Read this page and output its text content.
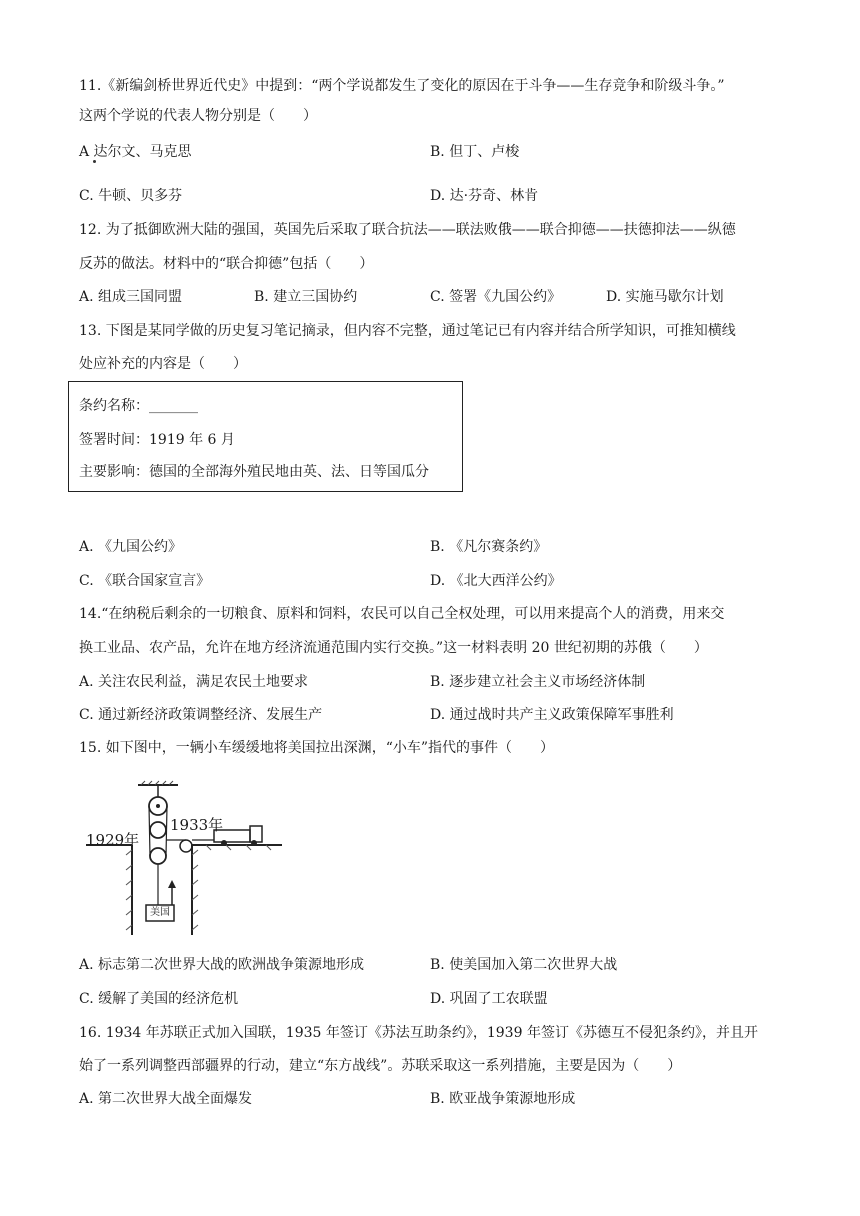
11.《新编剑桥世界近代史》中提到：“两个学说都发生了变化的原因在于斗争——生存竞争和阶级斗争。”
这两个学说的代表人物分别是（　　）
A 达尔文、马克思	B. 但丁、卢梭
C. 牛顿、贝多芬	D. 达·芬奇、林肯
12. 为了抵御欧洲大陆的强国，英国先后采取了联合抗法——联法败俄——联合抑德——扶德抑法——纵德
反苏的做法。材料中的“联合抑德”包括（　　）
A. 组成三国同盟	B. 建立三国协约	C. 签署《九国公约》	D. 实施马歇尔计划
13. 下图是某同学做的历史复习笔记摘录，但内容不完整，通过笔记已有内容并结合所学知识，可推知横线
处应补充的内容是（　　）
条约名称：_______
签署时间：1919 年 6 月
主要影响：德国的全部海外殖民地由英、法、日等国瓜分
A. 《九国公约》	B. 《凡尔赛条约》
C. 《联合国家宣言》	D. 《北大西洋公约》
14.“在纳税后剩余的一切粮食、原料和饲料，农民可以自己全权处理，可以用来提高个人的消费，用来交
换工业品、农产品，允许在地方经济流通范围内实行交换。”这一材料表明 20 世纪初期的苏俄（　　）
A. 关注农民利益，满足农民土地要求	B. 逐步建立社会主义市场经济体制
C. 通过新经济政策调整经济、发展生产	D. 通过战时共产主义政策保障军事胜利
15. 如下图中，一辆小车缓缓地将美国拉出深渊，“小车”指代的事件（　　）
1929年
1933年
美国
A. 标志第二次世界大战的欧洲战争策源地形成	B. 使美国加入第二次世界大战
C. 缓解了美国的经济危机	D. 巩固了工农联盟
16. 1934 年苏联正式加入国联，1935 年签订《苏法互助条约》，1939 年签订《苏德互不侵犯条约》，并且开
始了一系列调整西部疆界的行动，建立“东方战线”。苏联采取这一系列措施，主要是因为（　　）
A. 第二次世界大战全面爆发	B. 欧亚战争策源地形成
